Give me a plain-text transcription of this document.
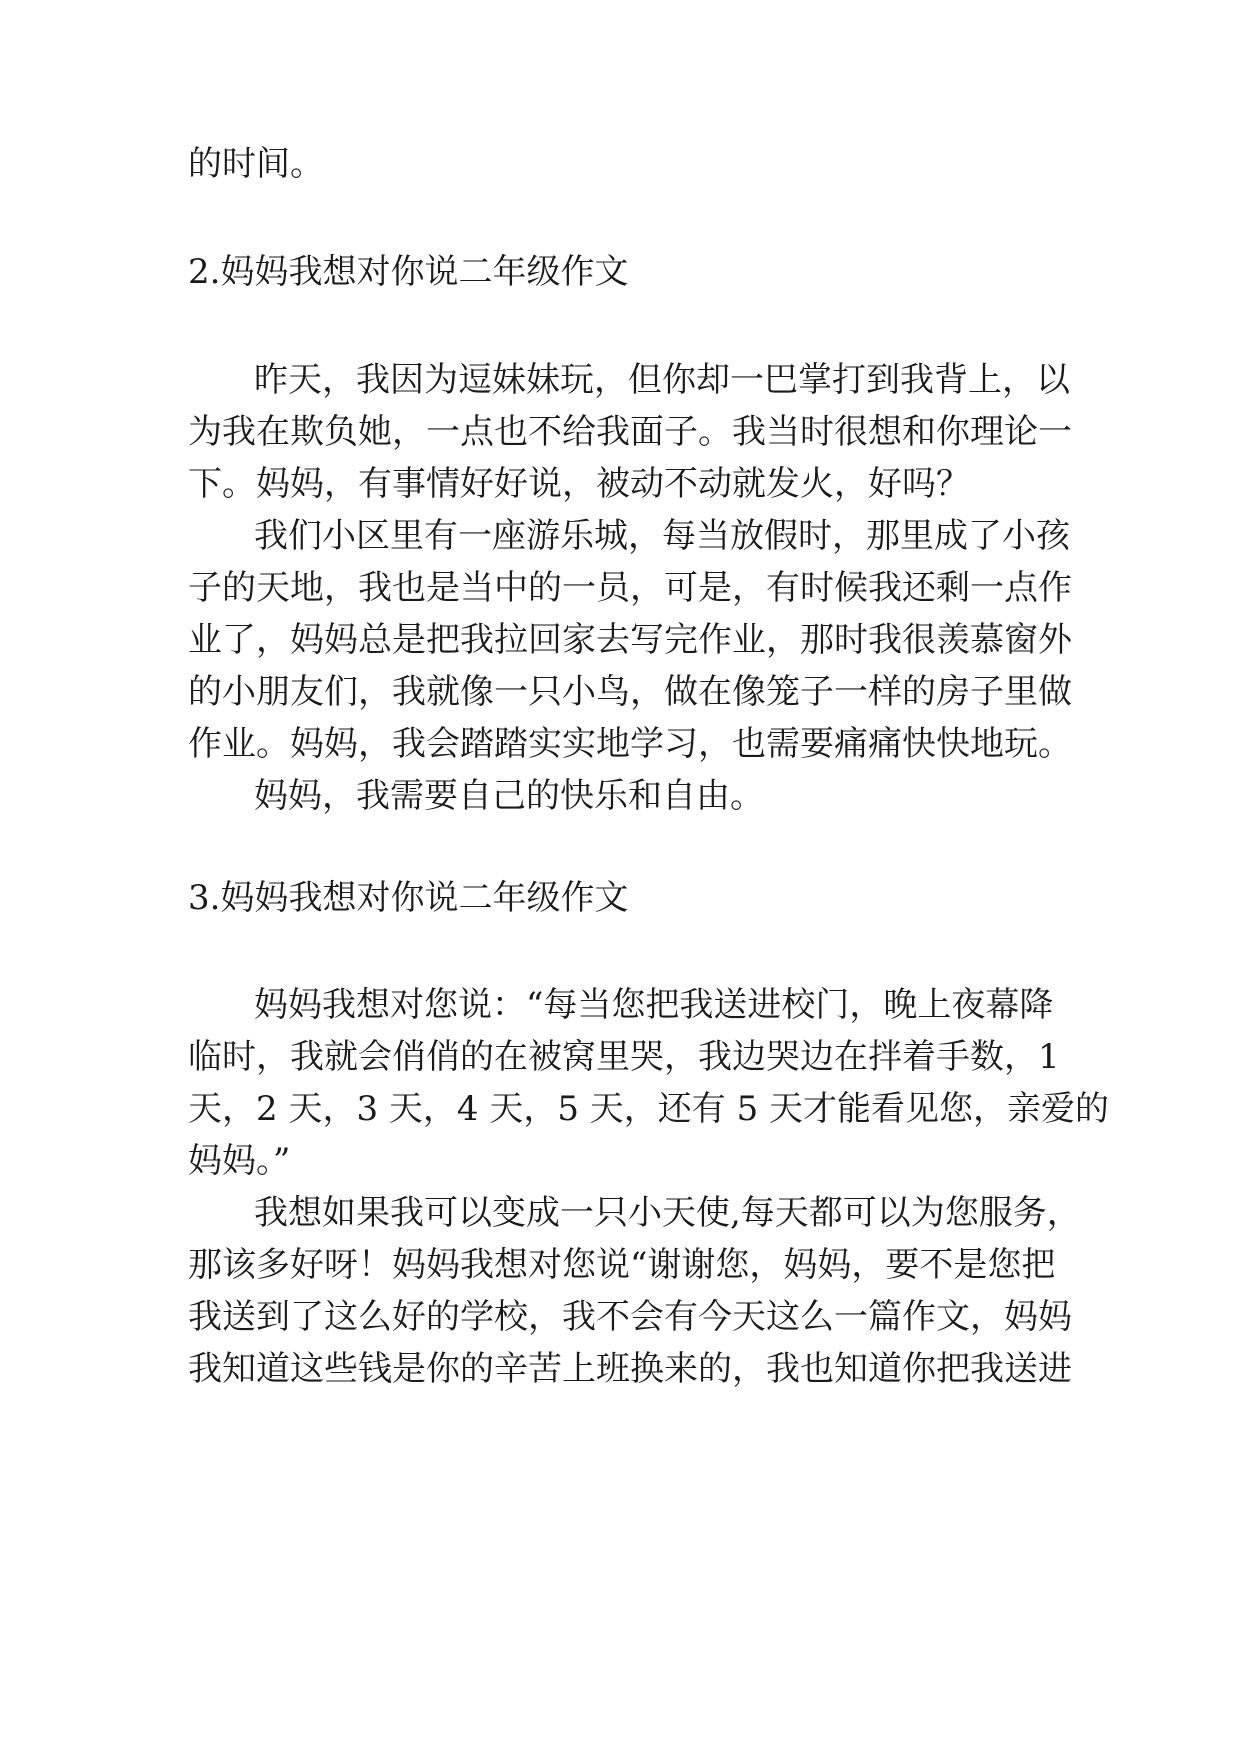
的时间。
2.妈妈我想对你说二年级作文
昨天，我因为逗妹妹玩，但你却一巴掌打到我背上，以
为我在欺负她，一点也不给我面子。我当时很想和你理论一
下。妈妈，有事情好好说，被动不动就发火，好吗？
我们小区里有一座游乐城，每当放假时，那里成了小孩
子的天地，我也是当中的一员，可是，有时候我还剩一点作
业了，妈妈总是把我拉回家去写完作业，那时我很羡慕窗外
的小朋友们，我就像一只小鸟，做在像笼子一样的房子里做
作业。妈妈，我会踏踏实实地学习，也需要痛痛快快地玩。
妈妈，我需要自己的快乐和自由。
3.妈妈我想对你说二年级作文
妈妈我想对您说：“每当您把我送进校门，晚上夜幕降
临时，我就会俏俏的在被窝里哭，我边哭边在拌着手数，1
天，2 天，3 天，4 天，5 天，还有 5 天才能看见您，亲爱的
妈妈。”
我想如果我可以变成一只小天使,每天都可以为您服务，
那该多好呀！妈妈我想对您说“谢谢您，妈妈，要不是您把
我送到了这么好的学校，我不会有今天这么一篇作文，妈妈
我知道这些钱是你的辛苦上班换来的，我也知道你把我送进
